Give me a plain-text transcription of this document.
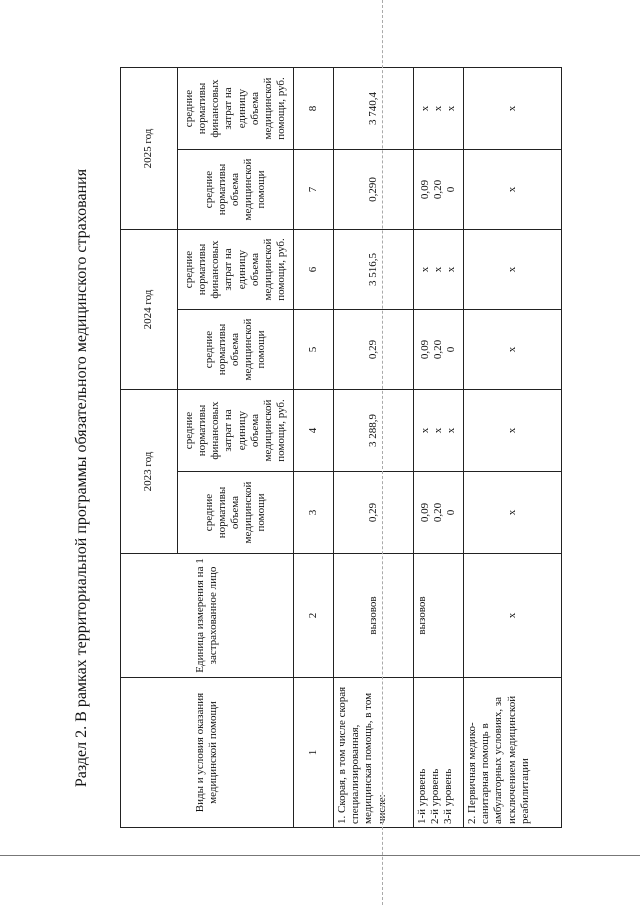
Раздел 2. В рамках территориальной программы обязательного медицинского страхования	Виды и условия оказания медицинской помощи	Единица измерения на 1 застрахованное лицо	2023 год		2024 год		2025 год	
		средние нормативы объема медицинской помощи	средние нормативы финансовых затрат на единицу объема медицинской помощи, руб.	средние нормативы объема медицинской помощи	средние нормативы финансовых затрат на единицу объема медицинской помощи, руб.	средние нормативы объема медицинской помощи	средние нормативы финансовых затрат на единицу объема медицинской помощи, руб.
1	2	3	4	5	6	7	8
1. Скорая, в том числе скорая специализированная, медицинская помощь, в том числе:	вызовов	0,29	3 288,9	0,29	3 516,5	0,290	3 740,4

1-й уровень 2-й уровень 3-й уровень	вызовов	0,09 0,20 0	х х х	0,09 0,20 0	х х х	0,09 0,20 0	х х х

2. Первичная медико-санитарная помощь в амбулаторных условиях, за исключением медицинской реабилитации	х	х	х	х	х	х	х
